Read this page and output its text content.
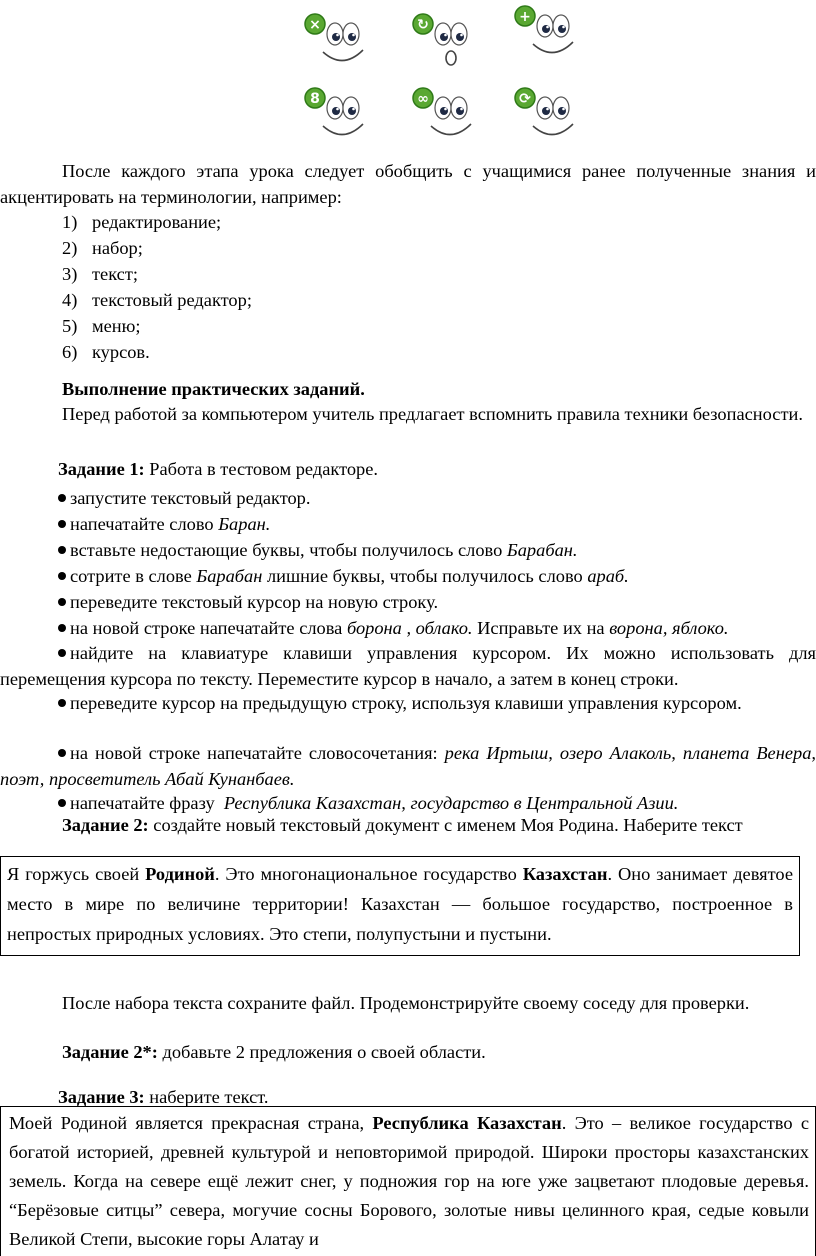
×	↻	+
8	∞	⟳
После каждого этапа урока следует обобщить с учащимися ранее полученные знания и акцентировать на терминологии, например:
1) редактирование;
2) набор;
3) текст;
4) текстовый редактор;
5) меню;
6) курсов.
Выполнение практических заданий.
Перед работой за компьютером учитель предлагает вспомнить правила техники безопасности.
Задание 1: Работа в тестовом редакторе.
запустите текстовый редактор.
напечатайте слово Баран.
вставьте недостающие буквы, чтобы получилось слово Барабан.
сотрите в слове Барабан лишние буквы, чтобы получилось слово араб.
переведите текстовый курсор на новую строку.
на новой строке напечатайте слова борона , облако. Исправьте их на ворона, яблоко.
найдите на клавиатуре клавиши управления курсором. Их можно использовать для перемещения курсора по тексту. Переместите курсор в начало, а затем в конец строки.
переведите курсор на предыдущую строку, используя клавиши управления курсором.
на новой строке напечатайте словосочетания: река Иртыш, озеро Алаколь, планета Венера, поэт, просветитель Абай Кунанбаев.
напечатайте фразу  Республика Казахстан, государство в Центральной Азии.
Задание 2: создайте новый текстовый документ с именем Моя Родина. Наберите текст
Я горжусь своей Родиной. Это многонациональное государство Казахстан. Оно занимает девятое место в мире по величине территории! Казахстан — большое государство, построенное в непростых природных условиях. Это степи, полупустыни и пустыни.
После набора текста сохраните файл. Продемонстрируйте своему соседу для проверки.
Задание 2*: добавьте 2 предложения о своей области.
Задание 3: наберите текст.
Моей Родиной является прекрасная страна, Республика Казахстан. Это – великое государство с богатой историей, древней культурой и неповторимой природой. Широки просторы казахстанских земель. Когда на севере ещё лежит снег, у подножия гор на юге уже зацветают плодовые деревья. “Берёзовые ситцы” севера, могучие сосны Борового, золотые нивы целинного края, седые ковыли Великой Степи, высокие горы Алатау и
